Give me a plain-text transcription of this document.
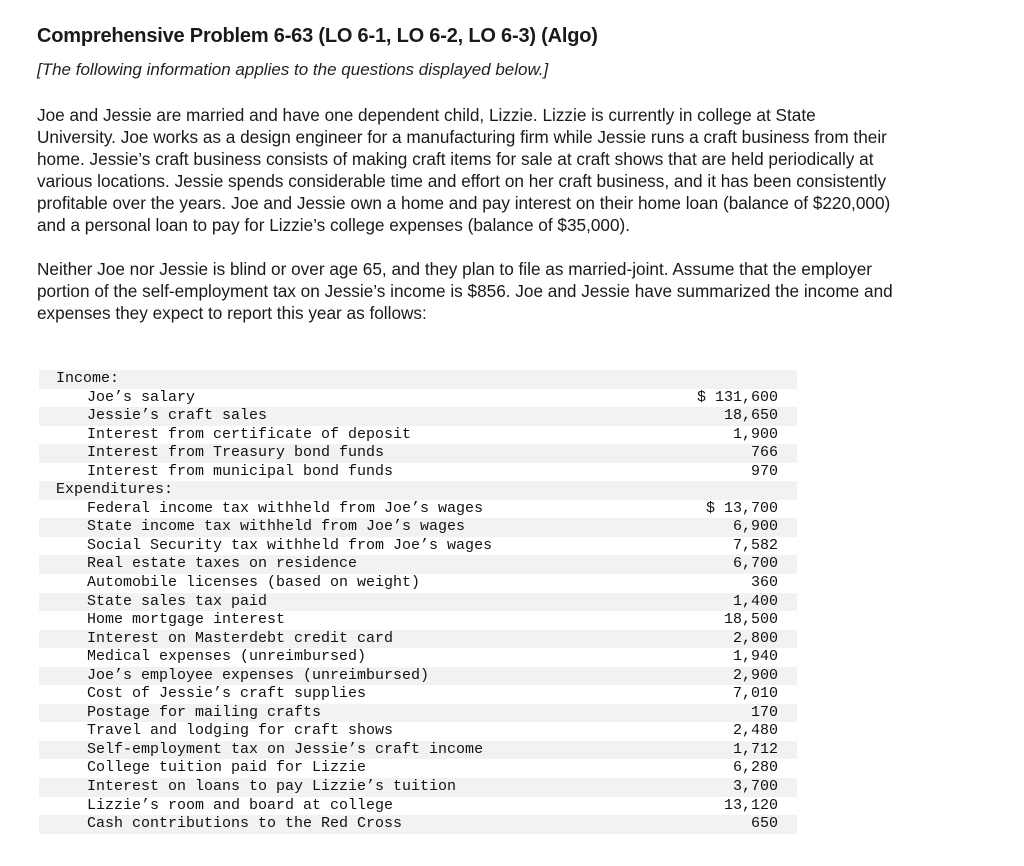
Comprehensive Problem 6-63 (LO 6-1, LO 6-2, LO 6-3) (Algo)

[The following information applies to the questions displayed below.]

Joe and Jessie are married and have one dependent child, Lizzie. Lizzie is currently in college at State University. Joe works as a design engineer for a manufacturing firm while Jessie runs a craft business from their home. Jessie’s craft business consists of making craft items for sale at craft shows that are held periodically at various locations. Jessie spends considerable time and effort on her craft business, and it has been consistently profitable over the years. Joe and Jessie own a home and pay interest on their home loan (balance of $220,000) and a personal loan to pay for Lizzie’s college expenses (balance of $35,000).

Neither Joe nor Jessie is blind or over age 65, and they plan to file as married-joint. Assume that the employer portion of the self-employment tax on Jessie’s income is $856. Joe and Jessie have summarized the income and expenses they expect to report this year as follows:

Income:	
Joe’s salary	$ 131,600
Jessie’s craft sales	18,650
Interest from certificate of deposit	1,900
Interest from Treasury bond funds	766
Interest from municipal bond funds	970
Expenditures:	
Federal income tax withheld from Joe’s wages	$ 13,700
State income tax withheld from Joe’s wages	6,900
Social Security tax withheld from Joe’s wages	7,582
Real estate taxes on residence	6,700
Automobile licenses (based on weight)	360
State sales tax paid	1,400
Home mortgage interest	18,500
Interest on Masterdebt credit card	2,800
Medical expenses (unreimbursed)	1,940
Joe’s employee expenses (unreimbursed)	2,900
Cost of Jessie’s craft supplies	7,010
Postage for mailing crafts	170
Travel and lodging for craft shows	2,480
Self-employment tax on Jessie’s craft income	1,712
College tuition paid for Lizzie	6,280
Interest on loans to pay Lizzie’s tuition	3,700
Lizzie’s room and board at college	13,120
Cash contributions to the Red Cross	650
